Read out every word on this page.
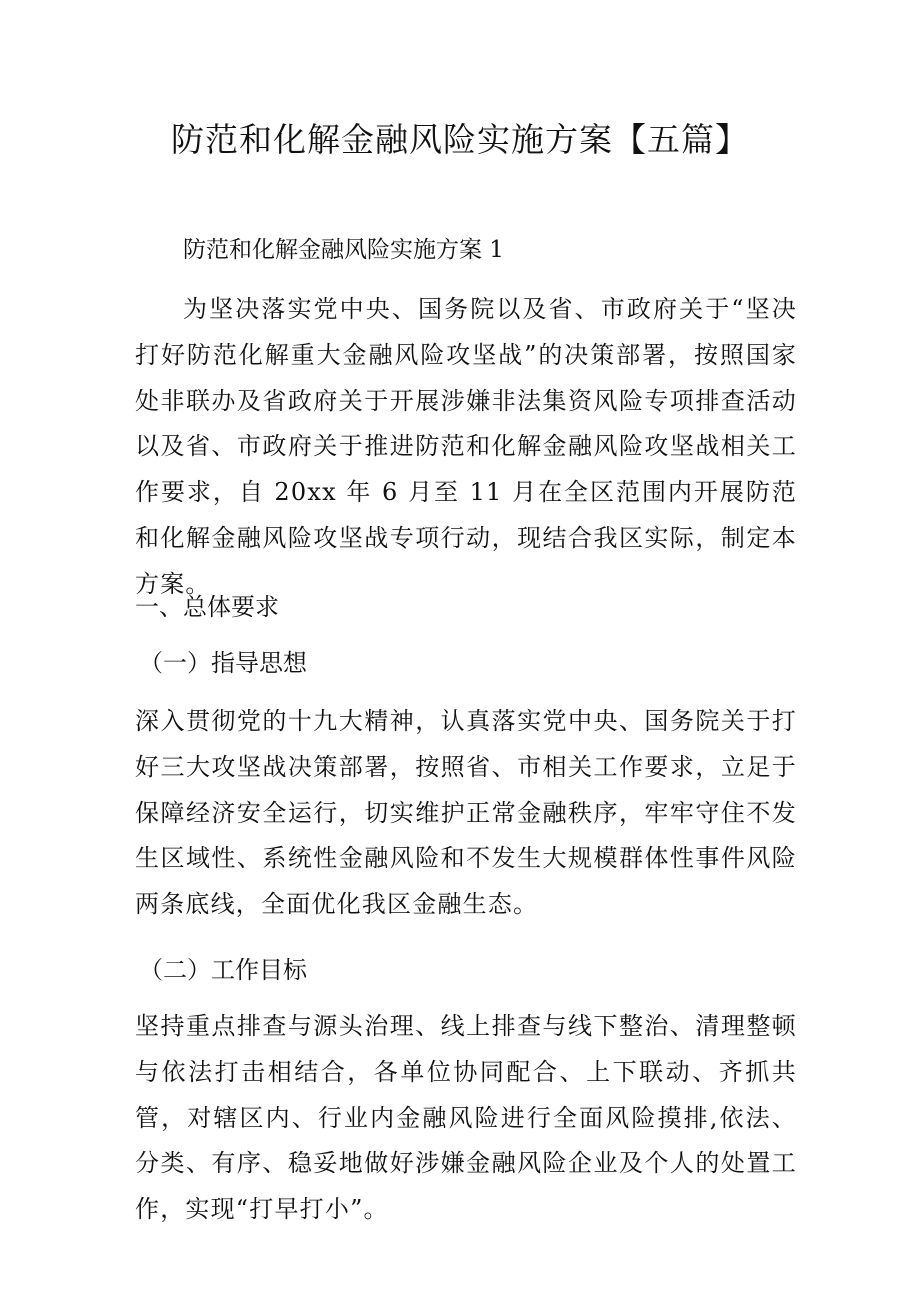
防范和化解金融风险实施方案【五篇】
防范和化解金融风险实施方案 1

为坚决落实党中央、国务院以及省、市政府关于“坚决打好防范化解重大金融风险攻坚战”的决策部署，按照国家处非联办及省政府关于开展涉嫌非法集资风险专项排查活动以及省、市政府关于推进防范和化解金融风险攻坚战相关工作要求，自 20xx 年 6 月至 11 月在全区范围内开展防范和化解金融风险攻坚战专项行动，现结合我区实际，制定本方案。

一、总体要求
（一）指导思想

深入贯彻党的十九大精神，认真落实党中央、国务院关于打好三大攻坚战决策部署，按照省、市相关工作要求，立足于保障经济安全运行，切实维护正常金融秩序，牢牢守住不发生区域性、系统性金融风险和不发生大规模群体性事件风险两条底线，全面优化我区金融生态。

（二）工作目标

坚持重点排查与源头治理、线上排查与线下整治、清理整顿与依法打击相结合，各单位协同配合、上下联动、齐抓共管，对辖区内、行业内金融风险进行全面风险摸排,依法、分类、有序、稳妥地做好涉嫌金融风险企业及个人的处置工作，实现“打早打小”。
